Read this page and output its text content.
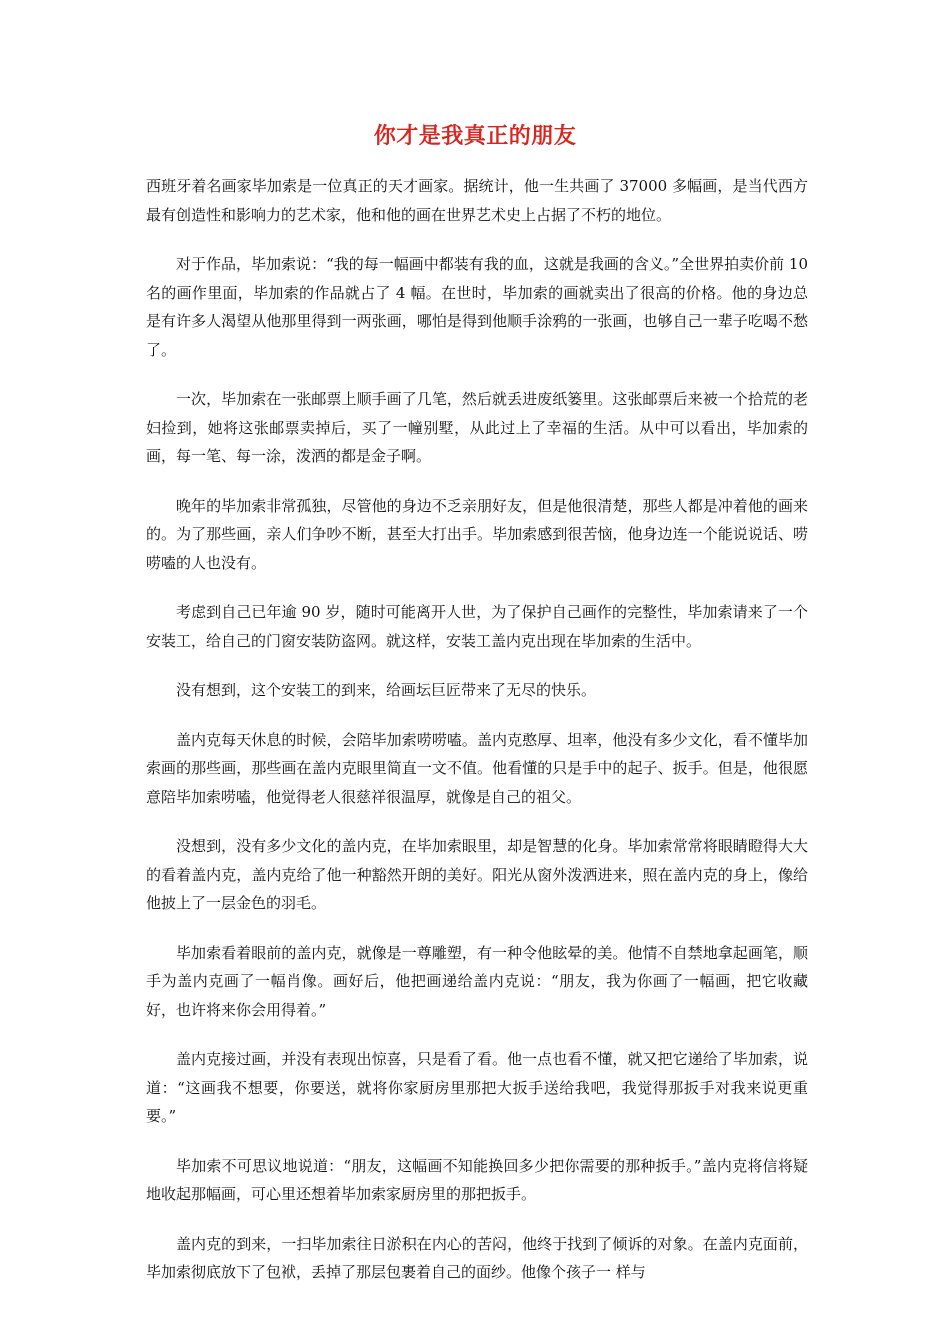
你才是我真正的朋友

西班牙着名画家毕加索是一位真正的天才画家。据统计，他一生共画了 37000 多幅画，是当代西方最有创造性和影响力的艺术家，他和他的画在世界艺术史上占据了不朽的地位。

对于作品，毕加索说：“我的每一幅画中都装有我的血，这就是我画的含义。”全世界拍卖价前 10 名的画作里面，毕加索的作品就占了 4 幅。在世时，毕加索的画就卖出了很高的价格。他的身边总是有许多人渴望从他那里得到一两张画，哪怕是得到他顺手涂鸦的一张画，也够自己一辈子吃喝不愁了。

一次，毕加索在一张邮票上顺手画了几笔，然后就丢进废纸篓里。这张邮票后来被一个拾荒的老妇捡到，她将这张邮票卖掉后，买了一幢别墅，从此过上了幸福的生活。从中可以看出，毕加索的画，每一笔、每一涂，泼洒的都是金子啊。

晚年的毕加索非常孤独，尽管他的身边不乏亲朋好友，但是他很清楚，那些人都是冲着他的画来的。为了那些画，亲人们争吵不断，甚至大打出手。毕加索感到很苦恼，他身边连一个能说说话、唠唠嗑的人也没有。

考虑到自己已年逾 90 岁，随时可能离开人世，为了保护自己画作的完整性，毕加索请来了一个安装工，给自己的门窗安装防盗网。就这样，安装工盖内克出现在毕加索的生活中。

没有想到，这个安装工的到来，给画坛巨匠带来了无尽的快乐。

盖内克每天休息的时候，会陪毕加索唠唠嗑。盖内克憨厚、坦率，他没有多少文化，看不懂毕加索画的那些画，那些画在盖内克眼里简直一文不值。他看懂的只是手中的起子、扳手。但是，他很愿意陪毕加索唠嗑，他觉得老人很慈祥很温厚，就像是自己的祖父。

没想到，没有多少文化的盖内克，在毕加索眼里，却是智慧的化身。毕加索常常将眼睛瞪得大大的看着盖内克，盖内克给了他一种豁然开朗的美好。阳光从窗外泼洒进来，照在盖内克的身上，像给他披上了一层金色的羽毛。

毕加索看着眼前的盖内克，就像是一尊雕塑，有一种令他眩晕的美。他情不自禁地拿起画笔，顺手为盖内克画了一幅肖像。画好后，他把画递给盖内克说：“朋友，我为你画了一幅画，把它收藏好，也许将来你会用得着。”

盖内克接过画，并没有表现出惊喜，只是看了看。他一点也看不懂，就又把它递给了毕加索，说道：“这画我不想要，你要送，就将你家厨房里那把大扳手送给我吧，我觉得那扳手对我来说更重要。”

毕加索不可思议地说道：“朋友，这幅画不知能换回多少把你需要的那种扳手。”盖内克将信将疑地收起那幅画，可心里还想着毕加索家厨房里的那把扳手。

盖内克的到来，一扫毕加索往日淤积在内心的苦闷，他终于找到了倾诉的对象。在盖内克面前，毕加索彻底放下了包袱，丢掉了那层包裹着自己的面纱。他像个孩子一 样与
